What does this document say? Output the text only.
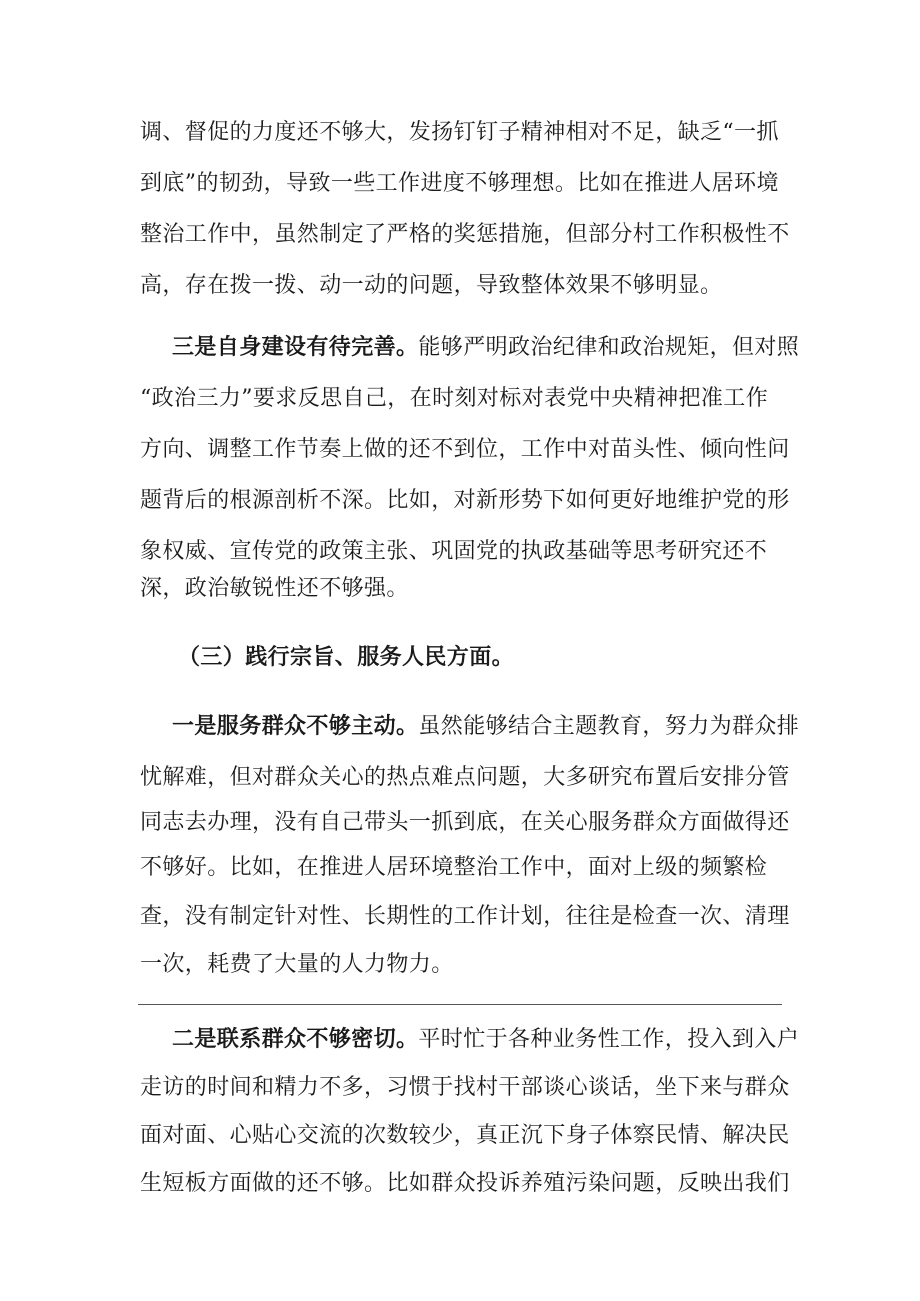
调、督促的力度还不够大，发扬钉钉子精神相对不足，缺乏“一抓
到底”的韧劲，导致一些工作进度不够理想。比如在推进人居环境
整治工作中，虽然制定了严格的奖惩措施，但部分村工作积极性不
高，存在拨一拨、动一动的问题，导致整体效果不够明显。
三是自身建设有待完善。能够严明政治纪律和政治规矩，但对照
“政治三力”要求反思自己，在时刻对标对表党中央精神把准工作
方向、调整工作节奏上做的还不到位，工作中对苗头性、倾向性问
题背后的根源剖析不深。比如，对新形势下如何更好地维护党的形
象权威、宣传党的政策主张、巩固党的执政基础等思考研究还不
深，政治敏锐性还不够强。
（三）践行宗旨、服务人民方面。
一是服务群众不够主动。虽然能够结合主题教育，努力为群众排
忧解难，但对群众关心的热点难点问题，大多研究布置后安排分管
同志去办理，没有自己带头一抓到底，在关心服务群众方面做得还
不够好。比如，在推进人居环境整治工作中，面对上级的频繁检
查，没有制定针对性、长期性的工作计划，往往是检查一次、清理
一次，耗费了大量的人力物力。
二是联系群众不够密切。平时忙于各种业务性工作，投入到入户
走访的时间和精力不多，习惯于找村干部谈心谈话，坐下来与群众
面对面、心贴心交流的次数较少，真正沉下身子体察民情、解决民
生短板方面做的还不够。比如群众投诉养殖污染问题，反映出我们
